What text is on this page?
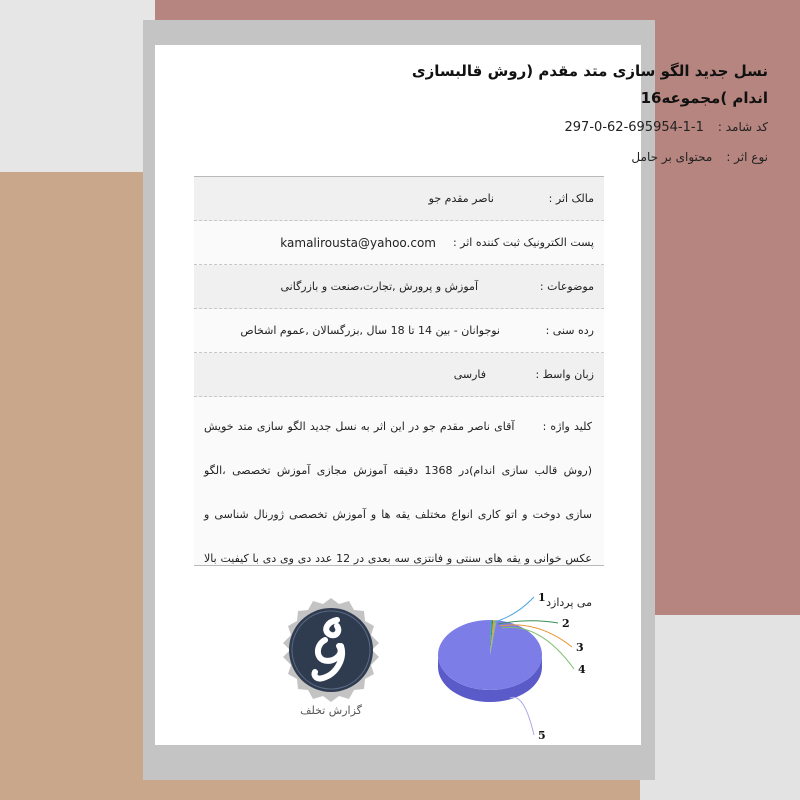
نسل جدید الگو سازی متد مقدم (روش قالبسازی اندام )مجموعه16
کد شامد :1-1-695954-62-0-297
نوع اثر :محتوای بر حامل
مالک اثر :
ناصر مقدم جو
پست الکترونیک ثبت کننده اثر :
kamalirousta@yahoo.com
موضوعات :
آموزش و پرورش ,تجارت،صنعت و بازرگانی
رده سنی :
نوجوانان - بین 14 تا 18 سال ,بزرگسالان ,عموم اشخاص
زبان واسط :
فارسی
کلید واژه : آقای ناصر مقدم جو در این اثر به نسل جدید الگو سازی متد خویش (روش قالب سازی اندام)در 1368 دقیقه آموزش مجازی آموزش تخصصی ،الگو سازی دوخت و اتو کاری انواع مختلف یقه ها و آموزش تخصصی ژورنال شناسی و عکس خوانی و یقه های سنتی و فانتزی سه بعدی در 12 عدد دی وی دی با کیفیت بالا می پردازد
گزارش تخلف
1
2
3
4
5
